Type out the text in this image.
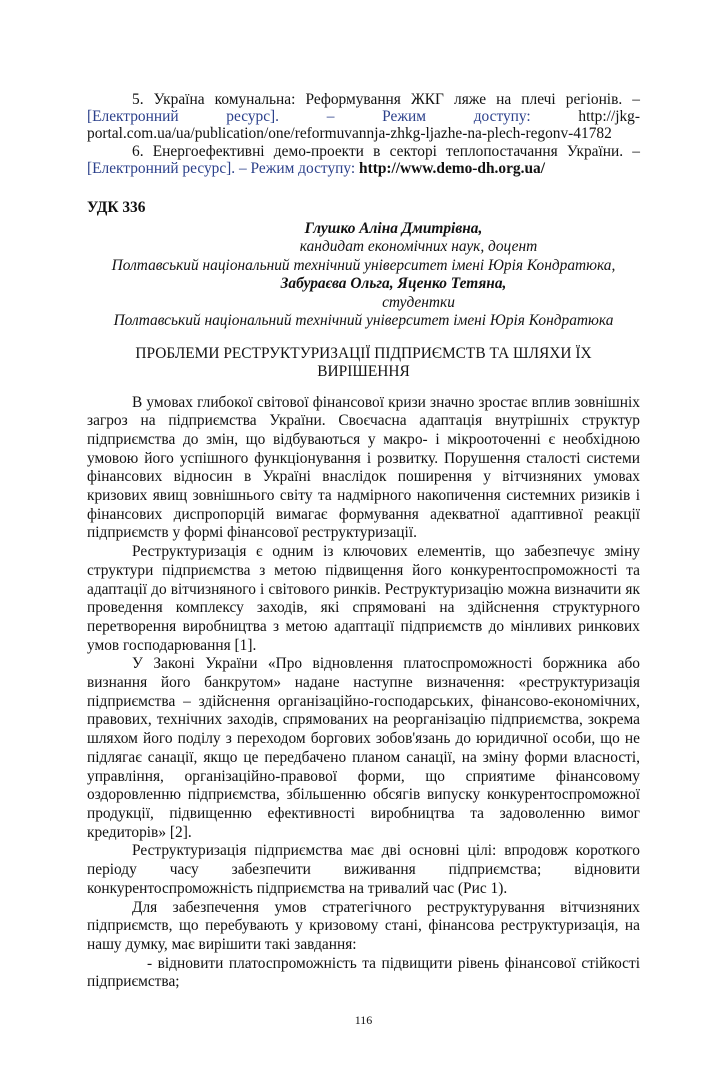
5. Україна комунальна: Реформування ЖКГ ляже на плечі регіонів. – [Електронний ресурс]. – Режим доступу: http://jkg-portal.com.ua/ua/publication/one/reformuvannja-zhkg-ljazhe-na-plech-regonv-41782

6. Енергоефективні демо-проекти в секторі теплопостачання України. – [Електронний ресурс]. – Режим доступу: http://www.demo-dh.org.ua/

УДК 336
Глушко Аліна Дмитрівна,
кандидат економічних наук, доцент
Полтавський національний технічний університет імені Юрія Кондратюка,
Забураєва Ольга, Яценко Тетяна,
студентки
Полтавський національний технічний університет імені Юрія Кондратюка
ПРОБЛЕМИ РЕСТРУКТУРИЗАЦІЇ ПІДПРИЄМСТВ ТА ШЛЯХИ ЇХ
ВИРІШЕННЯ

В умовах глибокої світової фінансової кризи значно зростає вплив зовнішніх загроз на підприємства України. Своєчасна адаптація внутрішніх структур підприємства до змін, що відбуваються у макро- і мікрооточенні є необхідною умовою його успішного функціонування і розвитку. Порушення сталості системи фінансових відносин в Україні внаслідок поширення у вітчизняних умовах кризових явищ зовнішнього світу та надмірного накопичення системних ризиків і фінансових диспропорцій вимагає формування адекватної адаптивної реакції підприємств у формі фінансової реструктуризації.

Реструктуризація є одним із ключових елементів, що забезпечує зміну структури підприємства з метою підвищення його конкурентоспроможності та адаптації до вітчизняного і світового ринків. Реструктуризацію можна визначити як проведення комплексу заходів, які спрямовані на здійснення структурного перетворення виробництва з метою адаптації підприємств до мінливих ринкових умов господарювання [1].

У Законі України «Про відновлення платоспроможності боржника або визнання його банкрутом» надане наступне визначення: «реструктуризація підприємства – здійснення організаційно-господарських, фінансово-економічних, правових, технічних заходів, спрямованих на реорганізацію підприємства, зокрема шляхом його поділу з переходом боргових зобов'язань до юридичної особи, що не підлягає санації, якщо це передбачено планом санації, на зміну форми власності, управління, організаційно-правової форми, що сприятиме фінансовому оздоровленню підприємства, збільшенню обсягів випуску конкурентоспроможної продукції, підвищенню ефективності виробництва та задоволенню вимог кредиторів» [2].

Реструктуризація підприємства має дві основні цілі: впродовж короткого періоду часу забезпечити виживання підприємства; відновити конкурентоспроможність підприємства на тривалий час (Рис 1).

Для забезпечення умов стратегічного реструктурування вітчизняних підприємств, що перебувають у кризовому стані, фінансова реструктуризація, на нашу думку, має вирішити такі завдання:

- відновити платоспроможність та підвищити рівень фінансової стійкості підприємства;

116
